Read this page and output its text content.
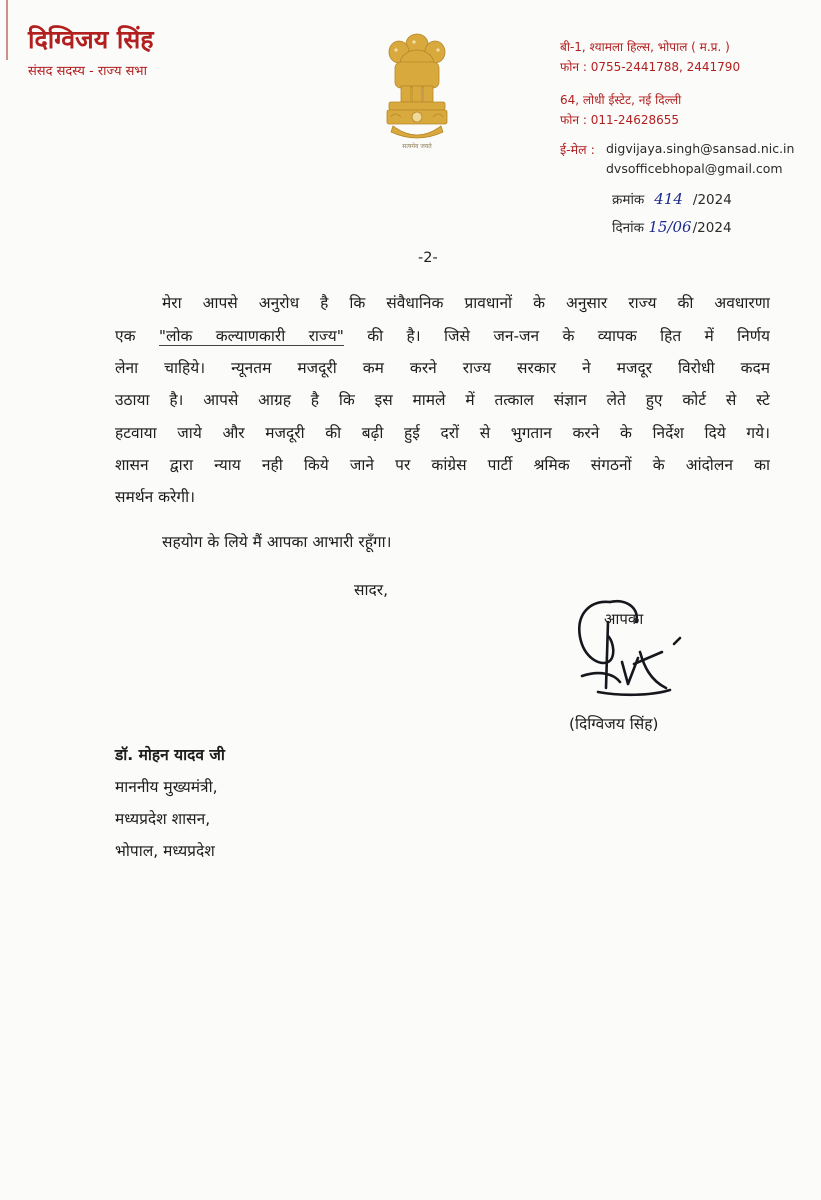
दिग्विजय सिंह
संसद सदस्य - राज्य सभा
सत्यमेव जयते
बी-1, श्यामला हिल्स, भोपाल ( म.प्र. )
फोन : 0755-2441788, 2441790
64, लोधी ईस्टेट, नई दिल्ली
फोन : 011-24628655
ई-मेल : digvijaya.singh@sansad.nic.in
dvsofficebhopal@gmail.com
क्रमांक 414 /2024
दिनांक 15/06 /2024
-2-
मेरा आपसे अनुरोध है कि संवैधानिक प्रावधानों के अनुसार राज्य की अवधारणा
एक "लोक कल्याणकारी राज्य" की है। जिसे जन-जन के व्यापक हित में निर्णय
लेना चाहिये। न्यूनतम मजदूरी कम करने राज्य सरकार ने मजदूर विरोधी कदम
उठाया है। आपसे आग्रह है कि इस मामले में तत्काल संज्ञान लेते हुए कोर्ट से स्टे
हटवाया जाये और मजदूरी की बढ़ी हुई दरों से भुगतान करने के निर्देश दिये गये।
शासन द्वारा न्याय नही किये जाने पर कांग्रेस पार्टी श्रमिक संगठनों के आंदोलन का
समर्थन करेगी।
सहयोग के लिये मैं आपका आभारी रहूँगा।
सादर,
आपका
(दिग्विजय सिंह)
डॉ. मोहन यादव जी
माननीय मुख्यमंत्री,
मध्यप्रदेश शासन,
भोपाल, मध्यप्रदेश
